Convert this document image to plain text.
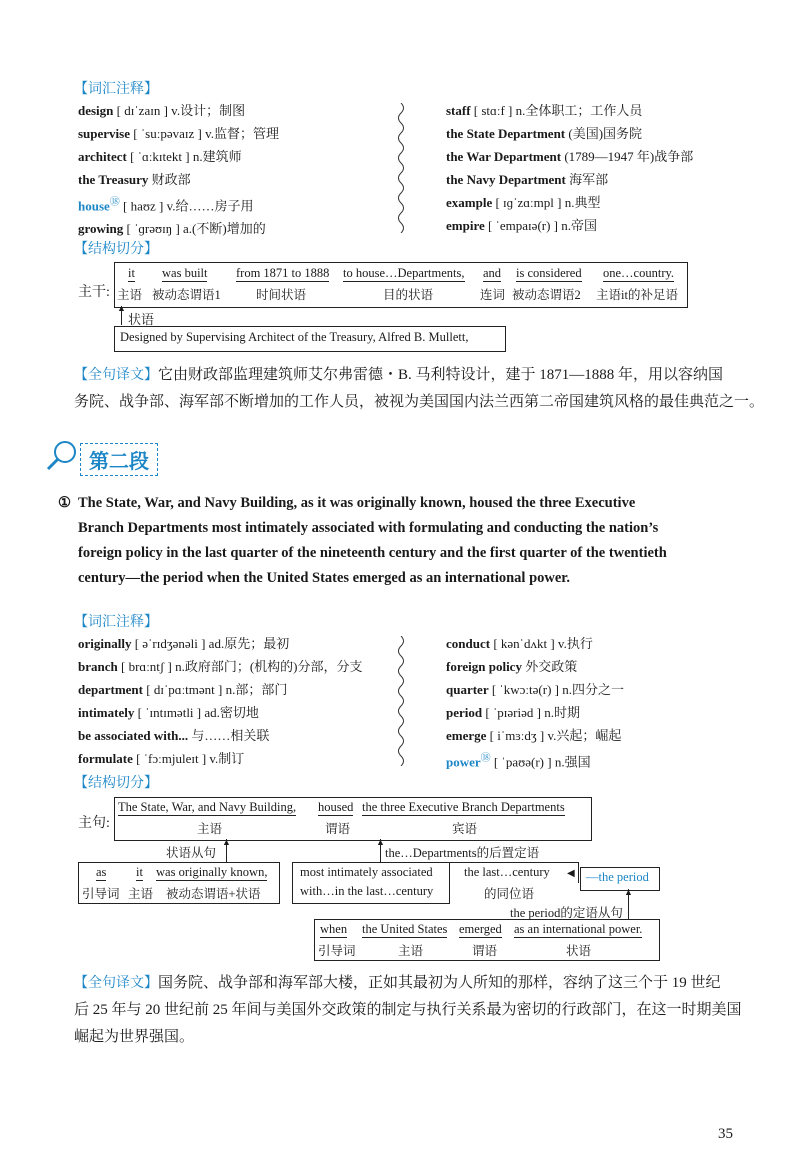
【词汇注释】
design [ dɪˈzaɪn ] v.设计；制图
supervise [ ˈsuːpəvaɪz ] v.监督；管理
architect [ ˈɑːkɪtekt ] n.建筑师
the Treasury 财政部
house⑱ [ haʊz ] v.给……房子用
growing [ ˈɡrəʊɪŋ ] a.(不断)增加的
staff [ stɑːf ] n.全体职工；工作人员
the State Department (美国)国务院
the War Department (1789—1947 年)战争部
the Navy Department 海军部
example [ ɪɡˈzɑːmpl ] n.典型
empire [ ˈempaɪə(r) ] n.帝国
【结构切分】
主干:
it
主语
was built
被动态谓语1
from 1871 to 1888
时间状语
to house…Departments,
目的状语
and
连词
is considered
被动态谓语2
one…country.
主语it的补足语
▲
状语
Designed by Supervising Architect of the Treasury, Alfred B. Mullett,
【全句译文】它由财政部监理建筑师艾尔弗雷德・B. 马利特设计，建于 1871—1888 年，用以容纳国
务院、战争部、海军部不断增加的工作人员，被视为美国国内法兰西第二帝国建筑风格的最佳典范之一。
第二段
① The State, War, and Navy Building, as it was originally known, housed the three Executive
Branch Departments most intimately associated with formulating and conducting the nation’s
foreign policy in the last quarter of the nineteenth century and the first quarter of the twentieth
century—the period when the United States emerged as an international power.
【词汇注释】
originally [ əˈrɪdʒənəli ] ad.原先；最初
branch [ brɑːntʃ ] n.政府部门；(机构的)分部，分支
department [ dɪˈpɑːtmənt ] n.部；部门
intimately [ ˈɪntɪmətli ] ad.密切地
be associated with... 与……相关联
formulate [ ˈfɔːmjuleɪt ] v.制订
conduct [ kənˈdʌkt ] v.执行
foreign policy 外交政策
quarter [ ˈkwɔːtə(r) ] n.四分之一
period [ ˈpɪəriəd ] n.时期
emerge [ iˈmɜːdʒ ] v.兴起；崛起
power⑱ [ ˈpaʊə(r) ] n.强国
【结构切分】
主句:
The State, War, and Navy Building,
主语
housed
谓语
the three Executive Branch Departments
宾语
▲
状语从句
▲
the…Departments的后置定语
as
引导词
it
主语
was originally known,
被动态谓语+状语
most intimately associated
with…in the last…century
the last…century
的同位语
◀ —the period
▲
the period的定语从句
when
引导词
the United States
主语
emerged
谓语
as an international power.
状语
【全句译文】国务院、战争部和海军部大楼，正如其最初为人所知的那样，容纳了这三个于 19 世纪
后 25 年与 20 世纪前 25 年间与美国外交政策的制定与执行关系最为密切的行政部门，在这一时期美国
崛起为世界强国。
35
